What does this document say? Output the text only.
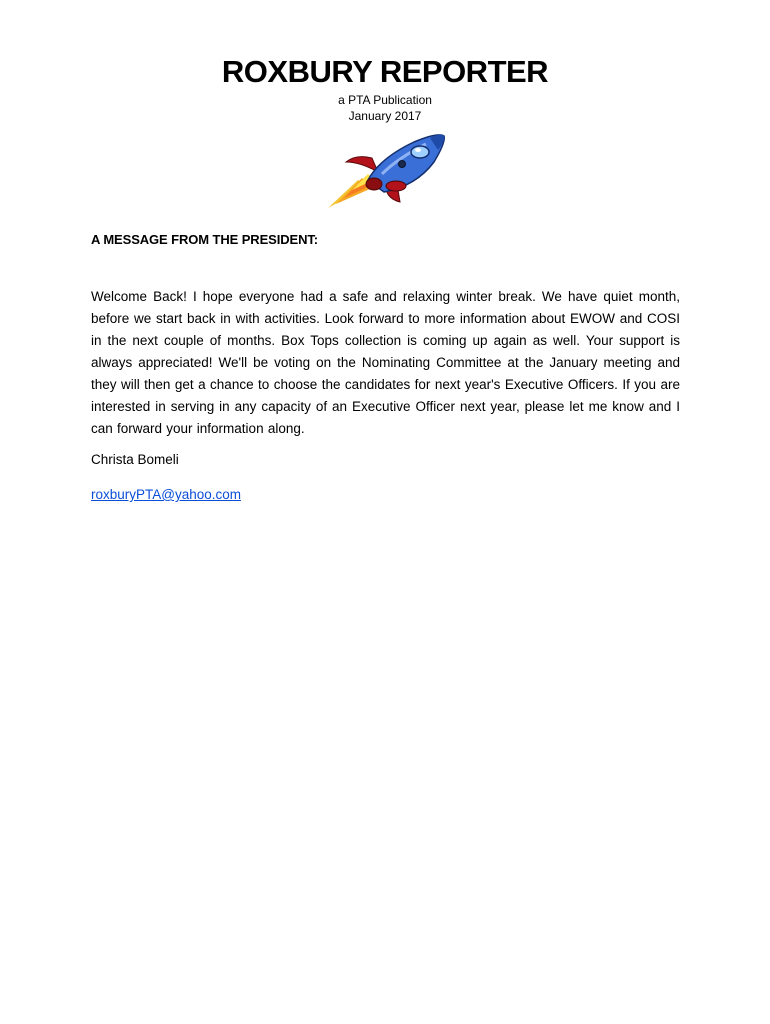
ROXBURY REPORTER
a PTA Publication
January 2017
A MESSAGE FROM THE PRESIDENT:

Welcome Back! I hope everyone had a safe and relaxing winter break. We have quiet month, before we start back in with activities. Look forward to more information about EWOW and COSI in the next couple of months. Box Tops collection is coming up again as well. Your support is always appreciated! We'll be voting on the Nominating Committee at the January meeting and they will then get a chance to choose the candidates for next year's Executive Officers. If you are interested in serving in any capacity of an Executive Officer next year, please let me know and I can forward your information along.

Christa Bomeli
roxburyPTA@yahoo.com
